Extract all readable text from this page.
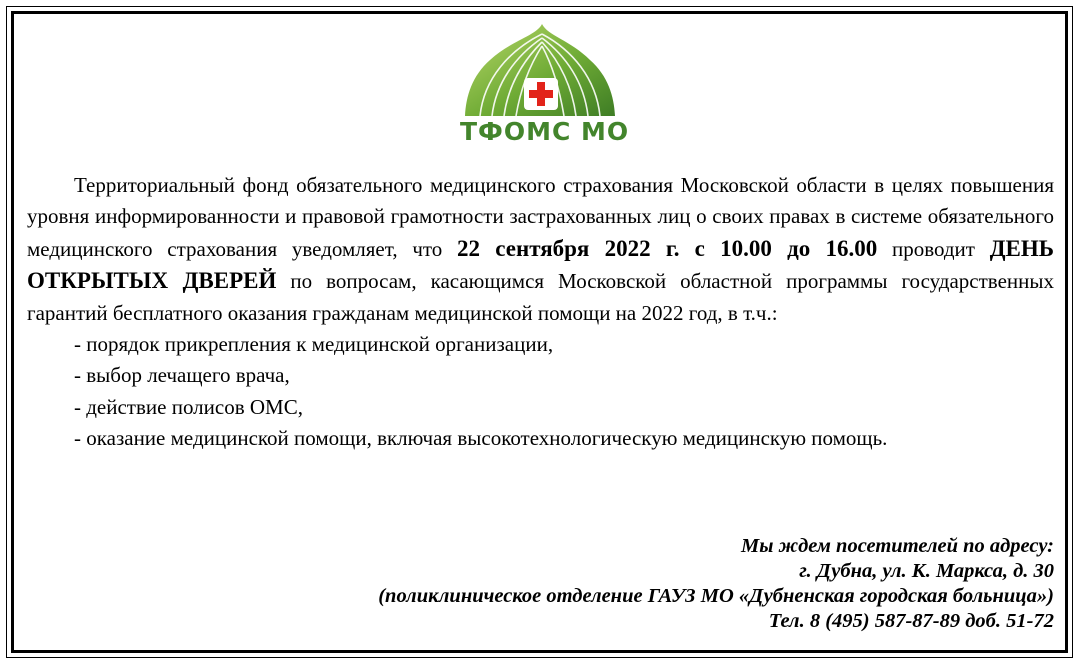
ТФОМС МО

Территориальный фонд обязательного медицинского страхования Московской области в целях повышения уровня информированности и правовой грамотности застрахованных лиц о своих правах в системе обязательного медицинского страхования уведомляет, что 22 сентября 2022 г. с 10.00 до 16.00 проводит ДЕНЬ ОТКРЫТЫХ ДВЕРЕЙ по вопросам, касающимся Московской областной программы государственных гарантий бесплатного оказания гражданам медицинской помощи на 2022 год, в т.ч.:

- порядок прикрепления к медицинской организации,
- выбор лечащего врача,
- действие полисов ОМС,
- оказание медицинской помощи, включая высокотехнологическую медицинскую помощь.
Мы ждем посетителей по адресу:
г. Дубна, ул. К. Маркса, д. 30
(поликлиническое отделение ГАУЗ МО «Дубненская городская больница»)
Тел. 8 (495) 587-87-89 доб. 51-72
